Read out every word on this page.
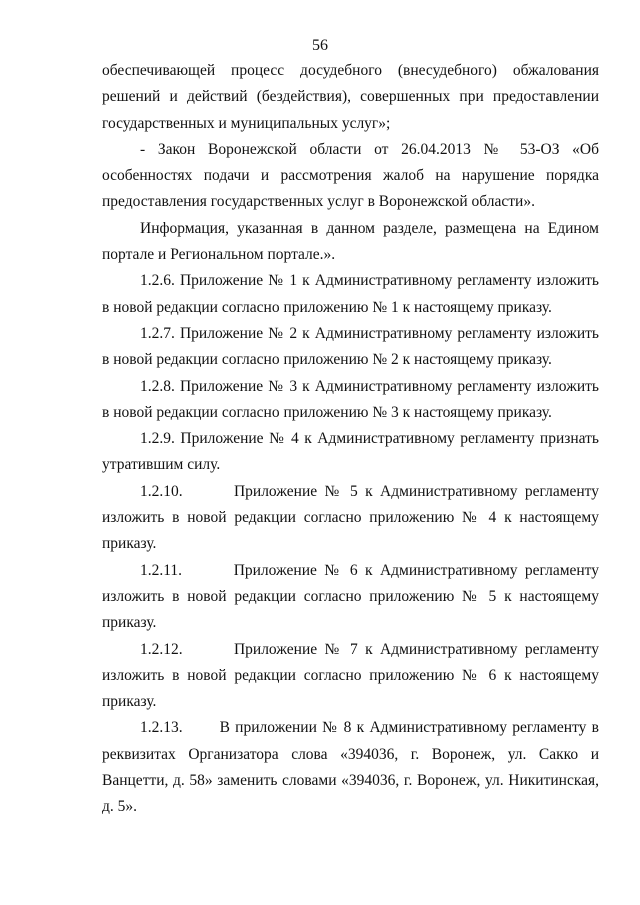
56

обеспечивающей процесс досудебного (внесудебного) обжалования решений и действий (бездействия), совершенных при предоставлении государственных и муниципальных услуг»;

- Закон Воронежской области от 26.04.2013 № 53-ОЗ «Об особенностях подачи и рассмотрения жалоб на нарушение порядка предоставления государственных услуг в Воронежской области».

Информация, указанная в данном разделе, размещена на Едином портале и Региональном портале.».

1.2.6. Приложение № 1 к Административному регламенту изложить в новой редакции согласно приложению № 1 к настоящему приказу.

1.2.7. Приложение № 2 к Административному регламенту изложить в новой редакции согласно приложению № 2 к настоящему приказу.

1.2.8. Приложение № 3 к Административному регламенту изложить в новой редакции согласно приложению № 3 к настоящему приказу.

1.2.9. Приложение № 4 к Административному регламенту признать утратившим силу.

1.2.10.       Приложение № 5 к Административному регламенту изложить в новой редакции согласно приложению № 4 к настоящему приказу.

1.2.11.       Приложение № 6 к Административному регламенту изложить в новой редакции согласно приложению № 5 к настоящему приказу.

1.2.12.       Приложение № 7 к Административному регламенту изложить в новой редакции согласно приложению № 6 к настоящему приказу.

1.2.13.       В приложении № 8 к Административному регламенту в реквизитах Организатора слова «394036, г. Воронеж, ул. Сакко и Ванцетти, д. 58» заменить словами «394036, г. Воронеж, ул. Никитинская, д. 5».
